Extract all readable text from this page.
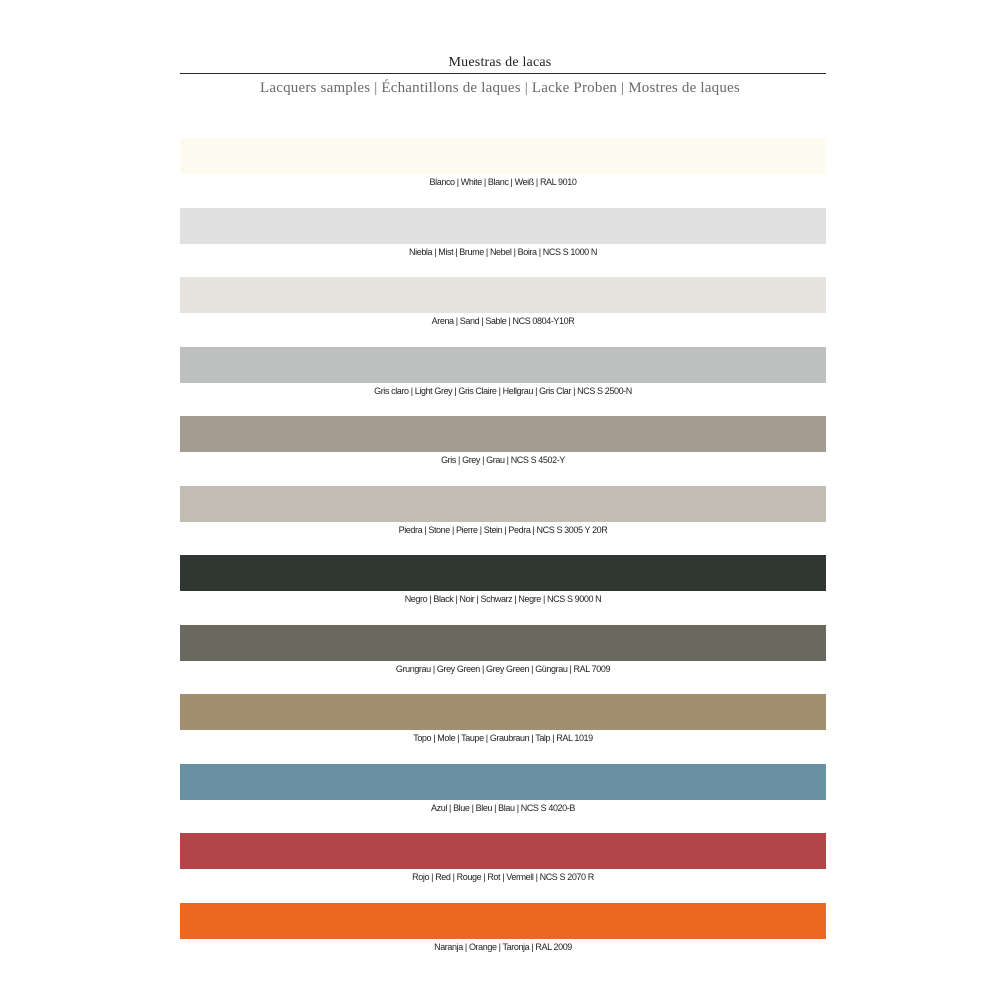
Muestras de lacas
Lacquers samples | Échantillons de laques | Lacke Proben | Mostres de laques
Blanco | White | Blanc | Weiß | RAL 9010
Niebla | Mist | Brume | Nebel | Boira | NCS S 1000 N
Arena | Sand | Sable | NCS 0804-Y10R
Gris claro | Light Grey | Gris Claire | Hellgrau | Gris Clar | NCS S 2500-N
Gris | Grey | Grau | NCS S 4502-Y
Piedra | Stone | Pierre | Stein | Pedra | NCS S 3005 Y 20R
Negro | Black | Noir | Schwarz | Negre | NCS S 9000 N
Grungrau | Grey Green | Grey Green | Güngrau | RAL 7009
Topo | Mole | Taupe | Graubraun | Talp | RAL 1019
Azul | Blue | Bleu | Blau | NCS S 4020-B
Rojo | Red | Rouge | Rot | Vermell | NCS S 2070 R
Naranja | Orange | Taronja | RAL 2009
